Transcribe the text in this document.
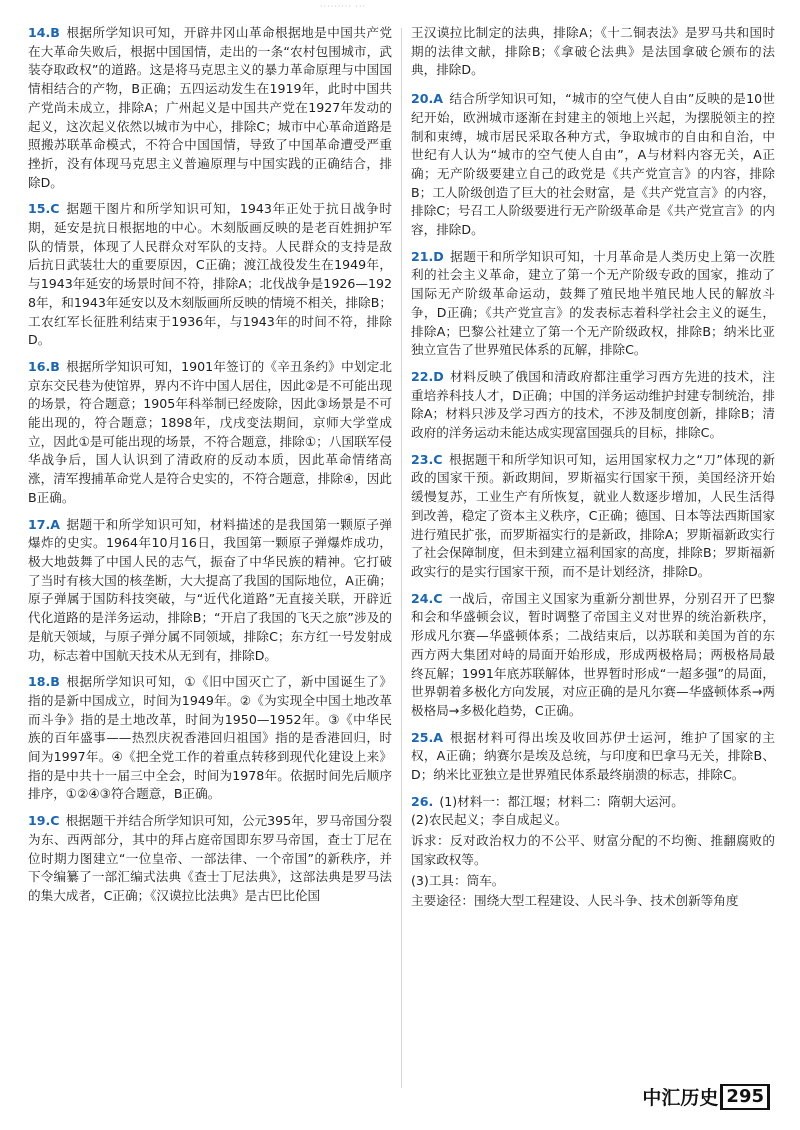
········· ···
14.B 根据所学知识可知，开辟井冈山革命根据地是中国共产党在大革命失败后，根据中国国情，走出的一条“农村包围城市，武装夺取政权”的道路。这是将马克思主义的暴力革命原理与中国国情相结合的产物，B正确；五四运动发生在1919年，此时中国共产党尚未成立，排除A；广州起义是中国共产党在1927年发动的起义，这次起义依然以城市为中心，排除C；城市中心革命道路是照搬苏联革命模式，不符合中国国情，导致了中国革命遭受严重挫折，没有体现马克思主义普遍原理与中国实践的正确结合，排除D。
15.C 据题干图片和所学知识可知，1943年正处于抗日战争时期，延安是抗日根据地的中心。木刻版画反映的是老百姓拥护军队的情景，体现了人民群众对军队的支持。人民群众的支持是敌后抗日武装壮大的重要原因，C正确；渡江战役发生在1949年，与1943年延安的场景时间不符，排除A；北伐战争是1926—1928年，和1943年延安以及木刻版画所反映的情境不相关，排除B；工农红军长征胜利结束于1936年，与1943年的时间不符，排除D。
16.B 根据所学知识可知，1901年签订的《辛丑条约》中划定北京东交民巷为使馆界，界内不许中国人居住，因此②是不可能出现的场景，符合题意；1905年科举制已经废除，因此③场景是不可能出现的，符合题意；1898年，戊戌变法期间，京师大学堂成立，因此①是可能出现的场景，不符合题意，排除①；八国联军侵华战争后，国人认识到了清政府的反动本质，因此革命情绪高涨，清军搜捕革命党人是符合史实的，不符合题意，排除④，因此B正确。
17.A 据题干和所学知识可知，材料描述的是我国第一颗原子弹爆炸的史实。1964年10月16日，我国第一颗原子弹爆炸成功，极大地鼓舞了中国人民的志气，振奋了中华民族的精神。它打破了当时有核大国的核垄断，大大提高了我国的国际地位，A正确；原子弹属于国防科技突破，与“近代化道路”无直接关联，开辟近代化道路的是洋务运动，排除B；“开启了我国的飞天之旅”涉及的是航天领域，与原子弹分属不同领域，排除C；东方红一号发射成功，标志着中国航天技术从无到有，排除D。
18.B 根据所学知识可知，①《旧中国灭亡了，新中国诞生了》指的是新中国成立，时间为1949年。②《为实现全中国土地改革而斗争》指的是土地改革，时间为1950—1952年。③《中华民族的百年盛事——热烈庆祝香港回归祖国》指的是香港回归，时间为1997年。④《把全党工作的着重点转移到现代化建设上来》指的是中共十一届三中全会，时间为1978年。依据时间先后顺序排序，①②④③符合题意，B正确。
19.C 根据题干并结合所学知识可知，公元395年，罗马帝国分裂为东、西两部分，其中的拜占庭帝国即东罗马帝国，查士丁尼在位时期力图建立“一位皇帝、一部法律、一个帝国”的新秩序，并下令编纂了一部汇编式法典《查士丁尼法典》，这部法典是罗马法的集大成者，C正确；《汉谟拉比法典》是古巴比伦国
王汉谟拉比制定的法典，排除A；《十二铜表法》是罗马共和国时期的法律文献，排除B；《拿破仑法典》是法国拿破仑颁布的法典，排除D。
20.A 结合所学知识可知，“城市的空气使人自由”反映的是10世纪开始，欧洲城市逐渐在封建主的领地上兴起，为摆脱领主的控制和束缚，城市居民采取各种方式，争取城市的自由和自治，中世纪有人认为“城市的空气使人自由”，A与材料内容无关，A正确；无产阶级要建立自己的政党是《共产党宣言》的内容，排除B；工人阶级创造了巨大的社会财富，是《共产党宣言》的内容，排除C；号召工人阶级要进行无产阶级革命是《共产党宣言》的内容，排除D。
21.D 据题干和所学知识可知，十月革命是人类历史上第一次胜利的社会主义革命，建立了第一个无产阶级专政的国家，推动了国际无产阶级革命运动，鼓舞了殖民地半殖民地人民的解放斗争，D正确；《共产党宣言》的发表标志着科学社会主义的诞生，排除A；巴黎公社建立了第一个无产阶级政权，排除B；纳米比亚独立宣告了世界殖民体系的瓦解，排除C。
22.D 材料反映了俄国和清政府都注重学习西方先进的技术，注重培养科技人才，D正确；中国的洋务运动维护封建专制统治，排除A；材料只涉及学习西方的技术，不涉及制度创新，排除B；清政府的洋务运动未能达成实现富国强兵的目标，排除C。
23.C 根据题干和所学知识可知，运用国家权力之“刀”体现的新政的国家干预。新政期间，罗斯福实行国家干预，美国经济开始缓慢复苏，工业生产有所恢复，就业人数逐步增加，人民生活得到改善，稳定了资本主义秩序，C正确；德国、日本等法西斯国家进行殖民扩张，而罗斯福实行的是新政，排除A；罗斯福新政实行了社会保障制度，但未到建立福利国家的高度，排除B；罗斯福新政实行的是实行国家干预，而不是计划经济，排除D。
24.C 一战后，帝国主义国家为重新分割世界，分别召开了巴黎和会和华盛顿会议，暂时调整了帝国主义对世界的统治新秩序，形成凡尔赛—华盛顿体系；二战结束后，以苏联和美国为首的东西方两大集团对峙的局面开始形成，形成两极格局；两极格局最终瓦解；1991年底苏联解体，世界暂时形成“一超多强”的局面，世界朝着多极化方向发展，对应正确的是凡尔赛—华盛顿体系→两极格局→多极化趋势，C正确。
25.A 根据材料可得出埃及收回苏伊士运河，维护了国家的主权，A正确；纳赛尔是埃及总统，与印度和巴拿马无关，排除B、D；纳米比亚独立是世界殖民体系最终崩溃的标志，排除C。
26. (1)材料一：都江堰；材料二：隋朝大运河。
(2)农民起义；李自成起义。
诉求：反对政治权力的不公平、财富分配的不均衡、推翻腐败的国家政权等。
(3)工具：筒车。
主要途径：围绕大型工程建设、人民斗争、技术创新等角度
中汇历史 295
